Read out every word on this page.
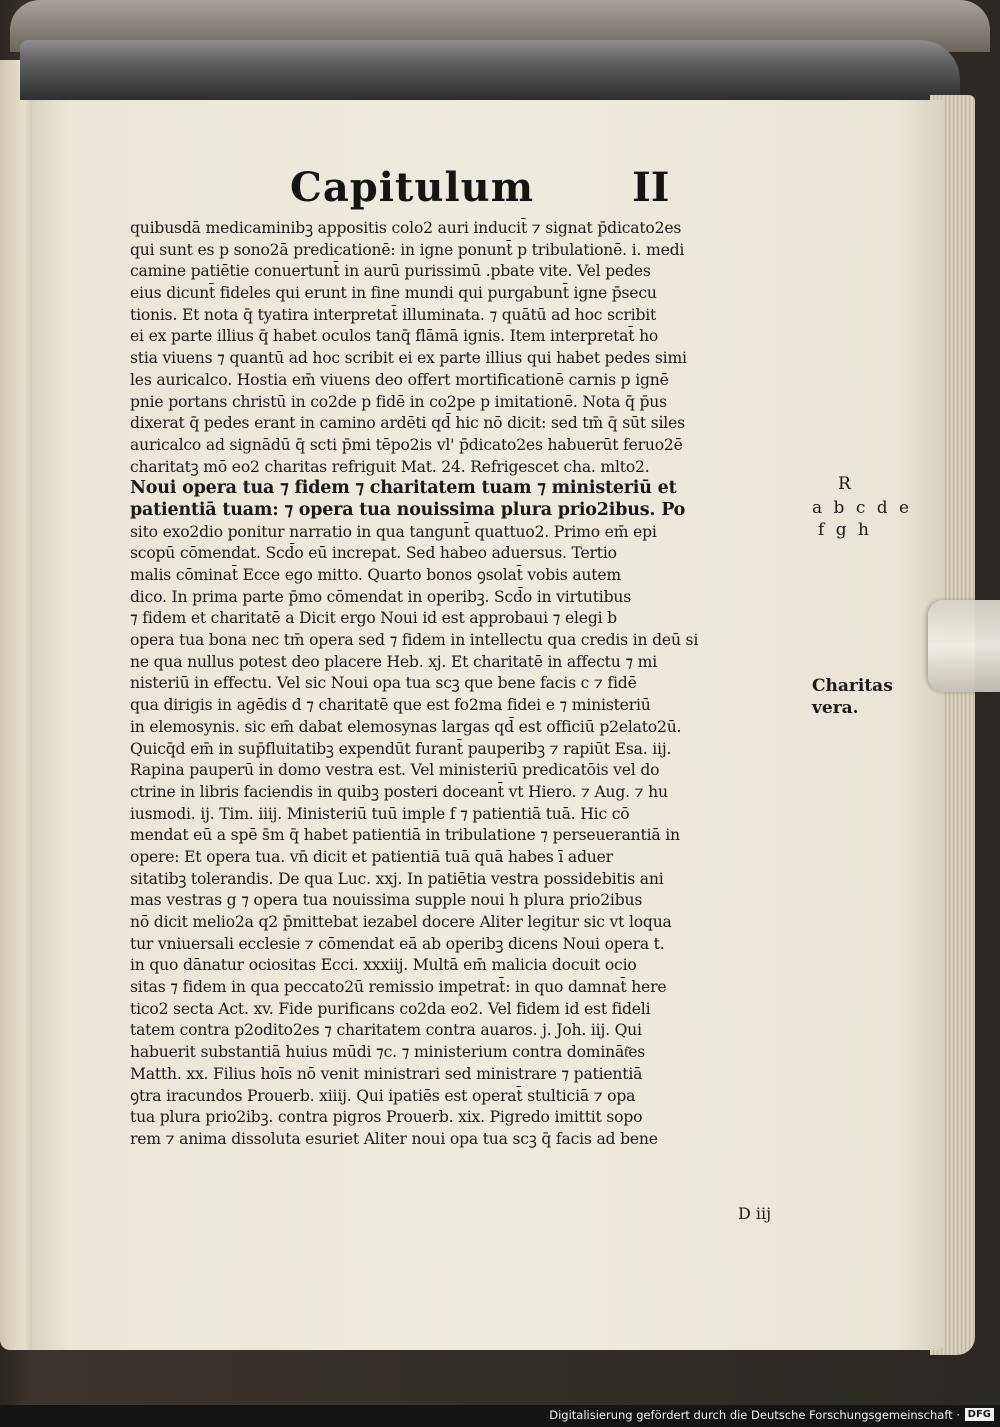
Capitulum II
quibusdā medicaminibꝫ appositis colo2 auri inducit̄ ⁊ signat p̄dicato2es
qui sunt es p sono2ā predicationē: in igne ponunt̄ p tribulationē. i. medi
camine patiētie conuertunt̄ in aurū purissimū .pbate vite. Vel pedes
eius dicunt̄ fideles qui erunt in fine mundi qui purgabunt̄ igne p̄secu
tionis. Et nota q̄ tyatira interpretat̄ illuminata. ⁊ quātū ad hoc scribit
ei ex parte illius q̄ habet oculos tanq̄ flāmā ignis. Item interpretat̄ ho
stia viuens ⁊ quantū ad hoc scribit ei ex parte illius qui habet pedes simi
les auricalco. Hostia em̄ viuens deo offert mortificationē carnis p ignē
pnie portans christū in co2de p fidē in co2pe p imitationē. Nota q̄ p̄us
dixerat q̄ pedes erant in camino ardēti qd̄ hic nō dicit: sed tm̄ q̄ sūt si̇les
auricalco ad signādū q̄ scti p̄mi tēpo2is vl' p̄dicato2es habuerūt feruo2ē
charitatꝫ mō eo2 charitas refriguit Mat. 24. Refrigescet cha. mlto2.
Noui opera tua ⁊ fidem ⁊ charitatem tuam ⁊ ministeriū et
patientiā tuam: ⁊ opera tua nouissima plura prio2ibus. Po
sito exo2dio ponitur narratio in qua tangunt̄ quattuo2. Primo em̄ epi
scopū cōmendat. Scd̄o eū increpat. Sed habeo aduersus. Tertio
malis cōminat̄ Ecce ego mitto. Quarto bonos ꝯsolat̄ vobis autem
dico. In prima parte p̄mo cōmendat in operibꝫ. Scd̄o in virtutibus
⁊ fidem et charitatē a Dicit ergo Noui id est approbaui ⁊ elegi b
opera tua bona nec tm̄ opera sed ⁊ fidem in intellectu qua credis in deū si
ne qua nullus potest deo placere Heb. xj. Et charitatē in affectu ⁊ mi
nisteriū in effectu. Vel sic Noui opa tua scꝫ que bene facis c ⁊ fidē
qua dirigis in agēdis d ⁊ charitatē que est fo2ma fidei e ⁊ ministeriū
in elemosynis. sic em̄ dabat elemosynas largas qd̄ est officiū p2elato2ū.
Quicq̄d em̄ in sup̄fluitatibꝫ expendūt furant̄ pauperibꝫ ⁊ rapiūt Esa. iij.
Rapina pauperū in domo vestra est. Vel ministeriū predicatōis vel do
ctrine in libris faciendis in quibꝫ posteri doceant̄ vt Hiero. ⁊ Aug. ⁊ hu
iusmodi. ij. Tim. iiij. Ministeriū tuū imple f ⁊ patientiā tuā. Hic cō
mendat eū a spē s̄m q̄ habet patientiā in tribulatione ⁊ perseuerantiā in
opere: Et opera tua. vn̄ dicit et patientiā tuā quā habes ī aduer
sitatibꝫ tolerandis. De qua Luc. xxj. In patiētia vestra possidebitis ani
mas vestras g ⁊ opera tua nouissima supple noui h plura prio2ibus
nō dicit melio2a q2 p̄mittebat iezabel docere Aliter legitur sic vt loqua
tur vniuersali ecclesie ⁊ cōmendat eā ab operibꝫ dicens Noui opera t.
in quo dānatur ociositas Ecci. xxxiij. Multā em̄ malicia docuit ocio
sitas ⁊ fidem in qua peccato2ū remissio impetrat̄: in quo damnat̄ here
tico2 secta Act. xv. Fide purificans co2da eo2. Vel fidem id est fideli
tatem contra p2odito2es ⁊ charitatem contra auaros. j. Joh. iij. Qui
habuerit substantiā huius mūdi ⁊c. ⁊ ministerium contra domināt͂es
Matth. xx. Filius hoīs nō venit ministrari sed ministrare ⁊ patientiā
ꝯtra iracundos Prouerb. xiiij. Qui ipatiēs est operat̄ stulticiā ⁊ opa
tua plura prio2ibꝫ. contra pigros Prouerb. xix. Pigredo imittit sopo
rem ⁊ anima dissoluta esuriet Aliter noui opa tua scꝫ q̄ facis ad bene
D iij
R
a b c d e
f g h
Charitas
vera.
Digitalisierung gefördert durch die Deutsche Forschungsgemeinschaft · DFG
